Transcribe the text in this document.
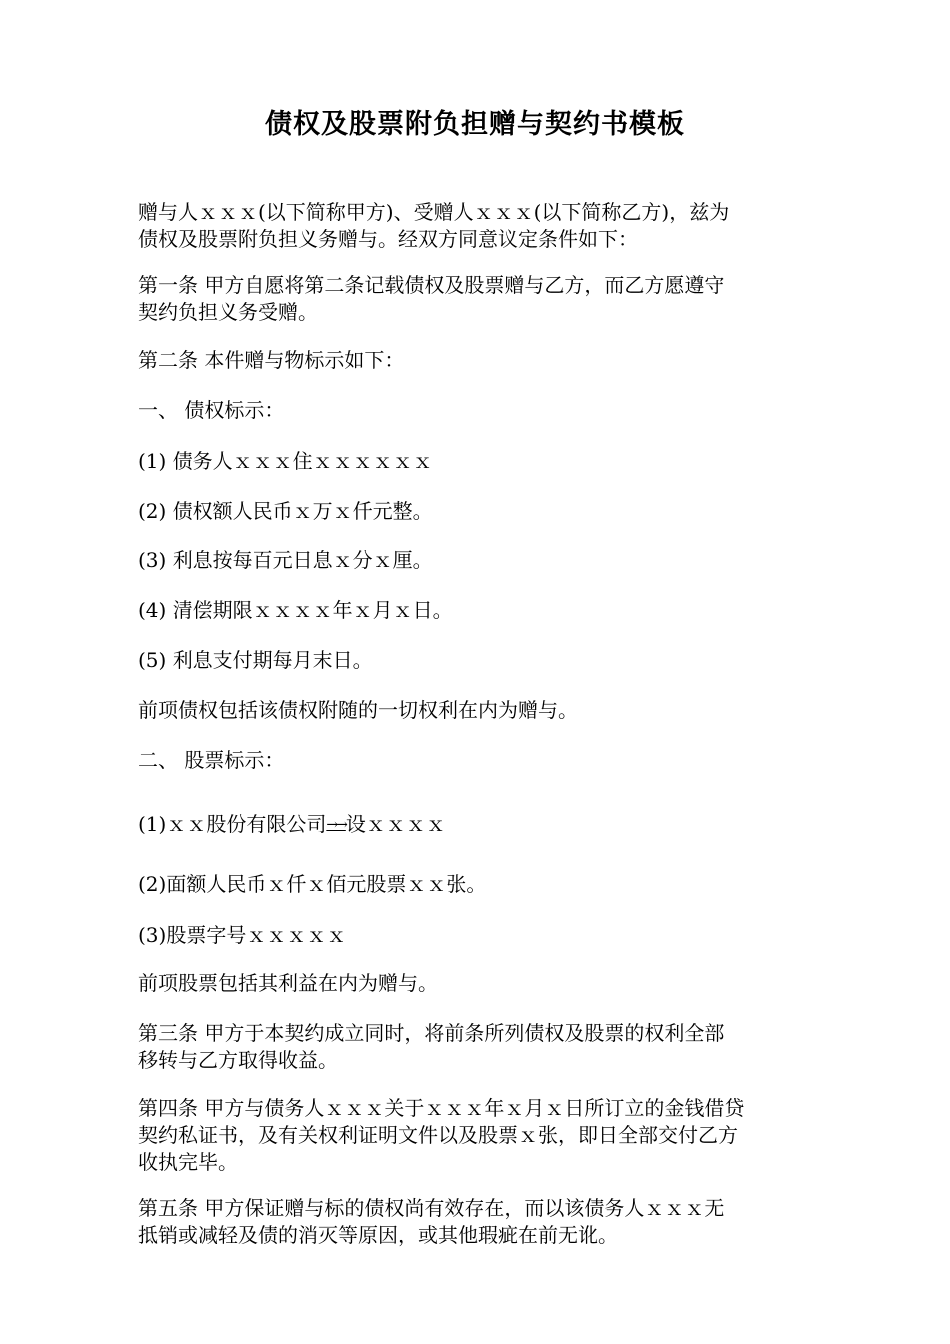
债权及股票附负担赠与契约书模板
赠与人ｘｘｘ(以下简称甲方)、受赠人ｘｘｘ(以下简称乙方)，兹为
债权及股票附负担义务赠与。经双方同意议定条件如下：
第一条 甲方自愿将第二条记载债权及股票赠与乙方，而乙方愿遵守
契约负担义务受赠。
第二条 本件赠与物标示如下：
一、 债权标示：
(1) 债务人ｘｘｘ住ｘｘｘｘｘｘ
(2) 债权额人民币ｘ万ｘ仟元整。
(3) 利息按每百元日息ｘ分ｘ厘。
(4) 清偿期限ｘｘｘｘ年ｘ月ｘ日。
(5) 利息支付期每月末日。
前项债权包括该债权附随的一切权利在内为赠与。
二、 股票标示：
(1)ｘｘ股份有限公司→→设ｘｘｘｘ
(2)面额人民币ｘ仟ｘ佰元股票ｘｘ张。
(3)股票字号ｘｘｘｘｘ
前项股票包括其利益在内为赠与。
第三条 甲方于本契约成立同时，将前条所列债权及股票的权利全部
移转与乙方取得收益。
第四条 甲方与债务人ｘｘｘ关于ｘｘｘ年ｘ月ｘ日所订立的金钱借贷
契约私证书，及有关权利证明文件以及股票ｘ张，即日全部交付乙方
收执完毕。
第五条 甲方保证赠与标的债权尚有效存在，而以该债务人ｘｘｘ无
抵销或减轻及债的消灭等原因，或其他瑕疵在前无讹。
